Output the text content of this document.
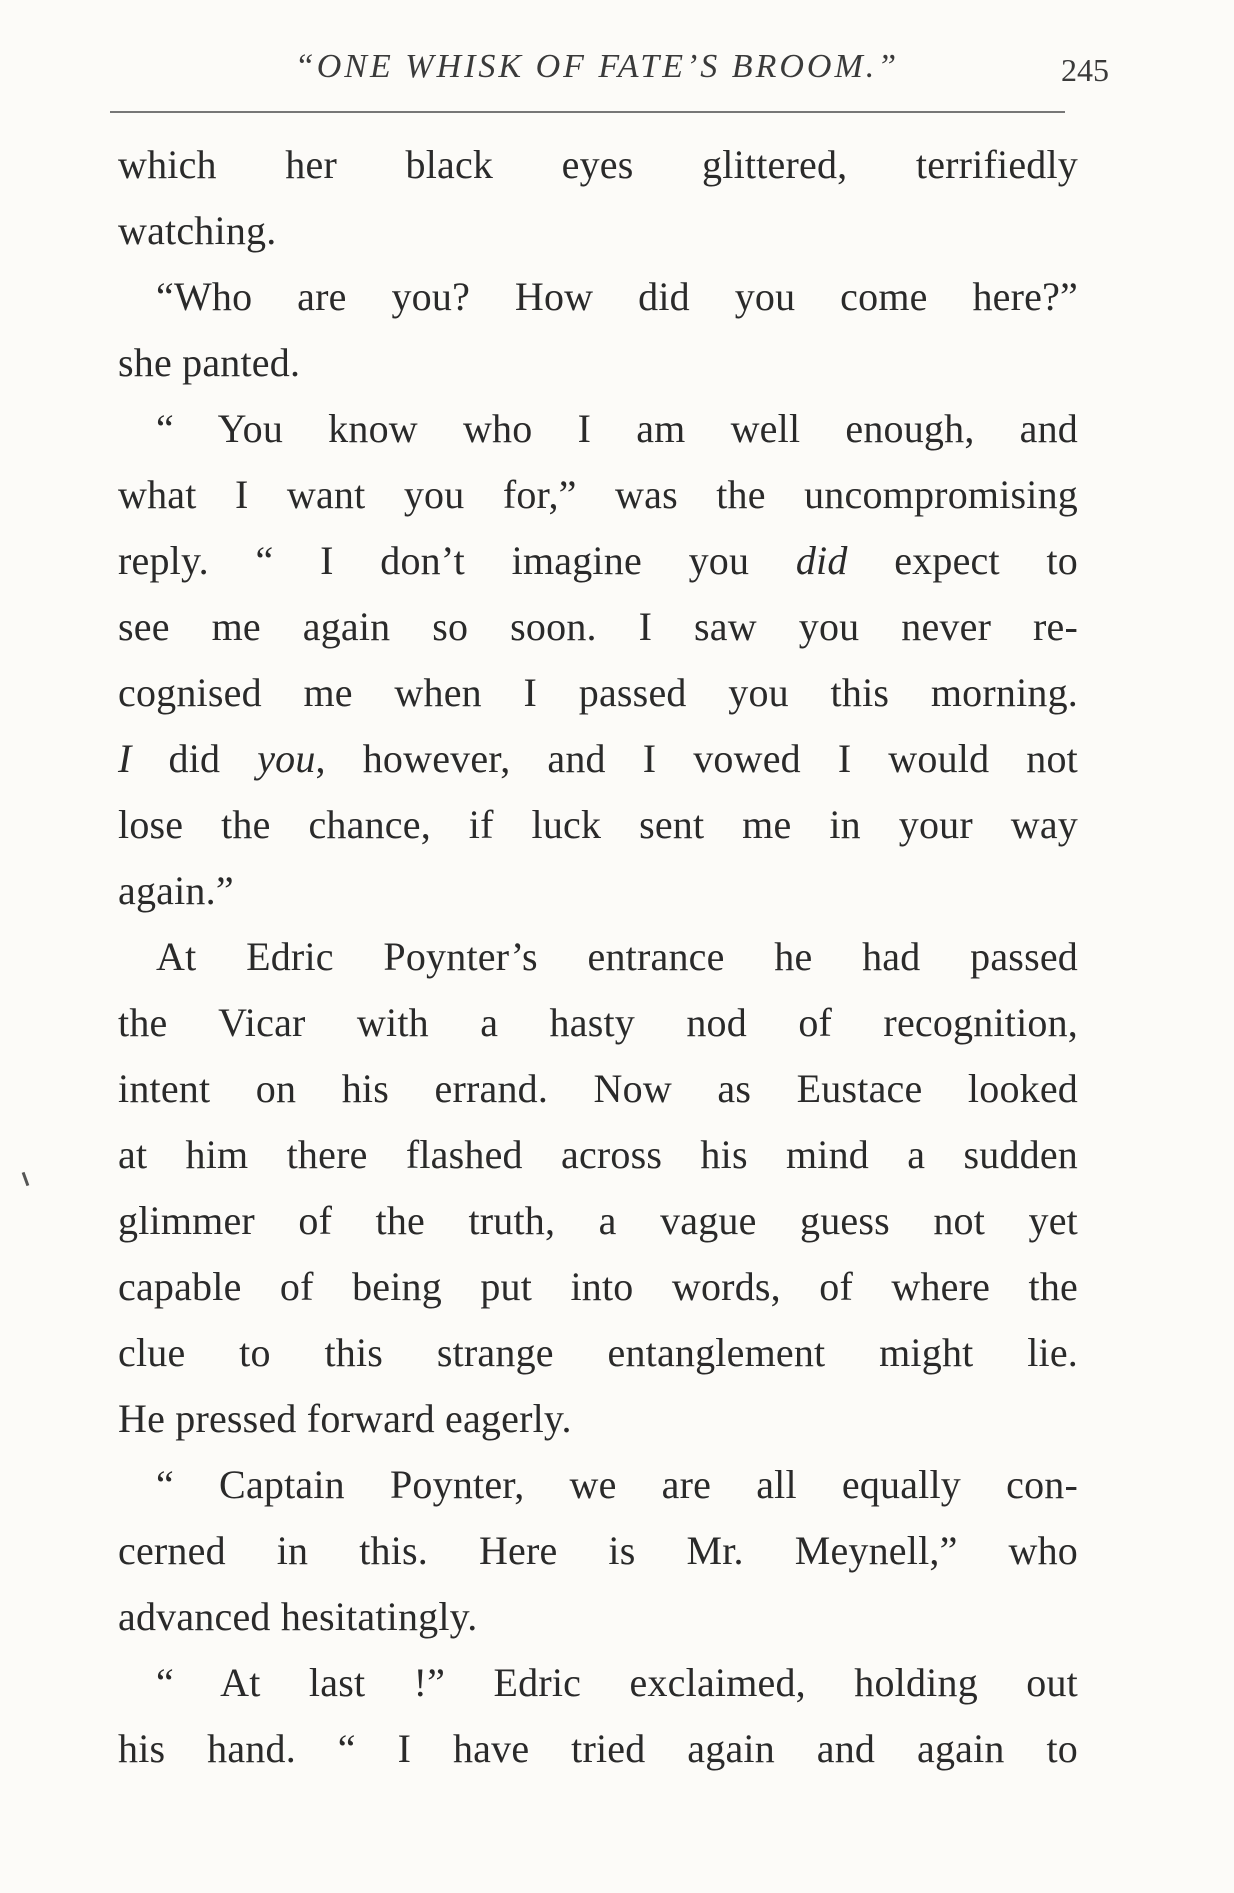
“ONE WHISK OF FATE’S BROOM.”	245
which her black eyes glittered, terrifiedly
watching.
“Who are you? How did you come here?”
she panted.
“ You know who I am well enough, and
what I want you for,” was the uncompromising
reply. “ I don’t imagine you did expect to
see me again so soon. I saw you never re-
cognised me when I passed you this morning.
I did you, however, and I vowed I would not
lose the chance, if luck sent me in your way
again.”
At Edric Poynter’s entrance he had passed
the Vicar with a hasty nod of recognition,
intent on his errand. Now as Eustace looked
at him there flashed across his mind a sudden
glimmer of the truth, a vague guess not yet
capable of being put into words, of where the
clue to this strange entanglement might lie.
He pressed forward eagerly.
“ Captain Poynter, we are all equally con-
cerned in this. Here is Mr. Meynell,” who
advanced hesitatingly.
“ At last !” Edric exclaimed, holding out
his hand. “ I have tried again and again to
